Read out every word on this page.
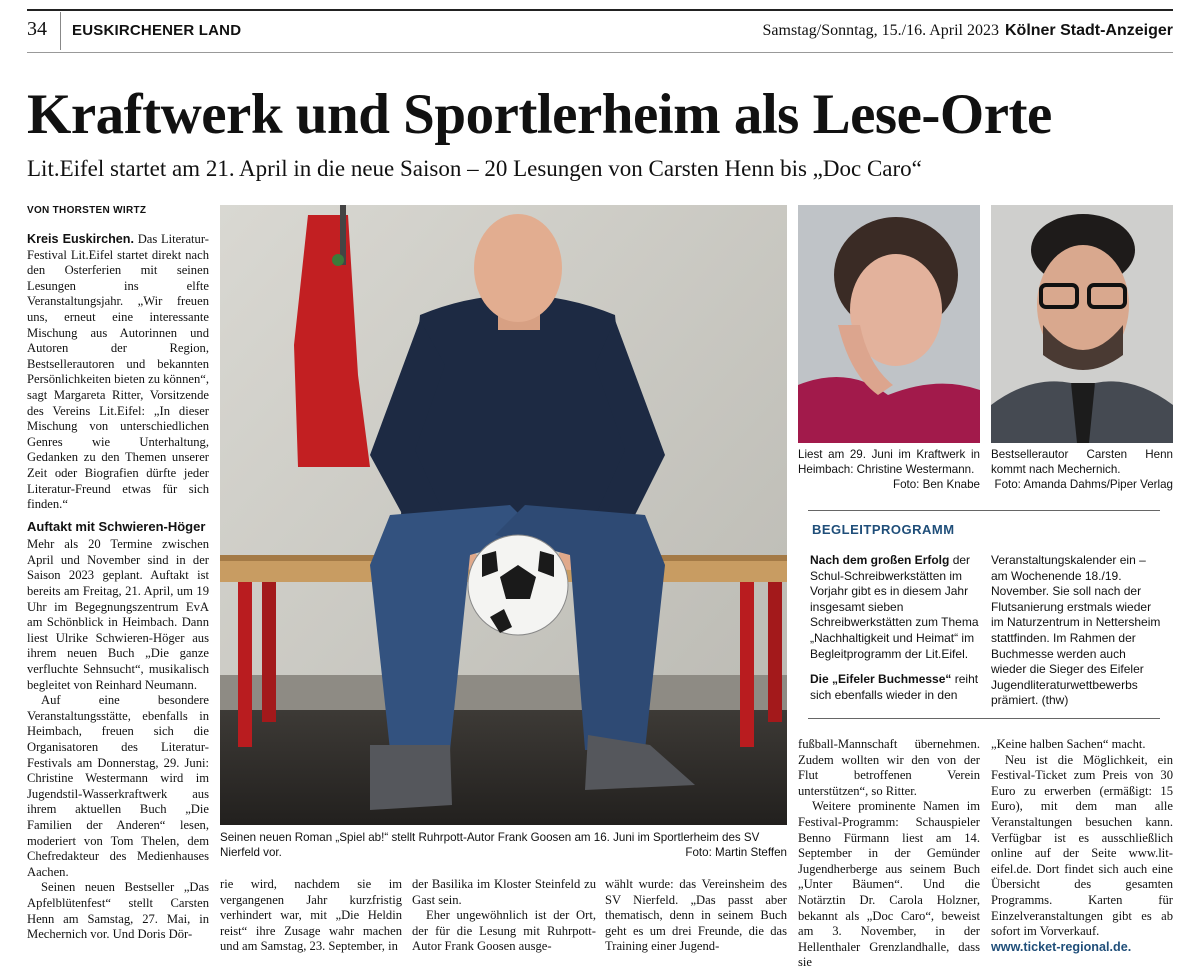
34 EUSKIRCHENER LAND	Samstag/Sonntag, 15./16. April 2023 Kölner Stadt-Anzeiger
Kraftwerk und Sportlerheim als Lese-Orte
Lit.Eifel startet am 21. April in die neue Saison – 20 Lesungen von Carsten Henn bis „Doc Caro“
VON THORSTEN WIRTZ

Kreis Euskirchen. Das Literatur-Festival Lit.Eifel startet direkt nach den Osterferien mit seinen Lesungen ins elfte Veranstaltungsjahr. „Wir freuen uns, erneut eine interessante Mischung aus Autorinnen und Autoren der Region, Bestsellerautoren und bekannten Persönlichkeiten bieten zu können“, sagt Margareta Ritter, Vorsitzende des Vereins Lit.Eifel: „In dieser Mischung von unterschiedlichen Genres wie Unterhaltung, Gedanken zu den Themen unserer Zeit oder Biografien dürfte jeder Literatur-Freund etwas für sich finden.“

Auftakt mit Schwieren-Höger

Mehr als 20 Termine zwischen April und November sind in der Saison 2023 geplant. Auftakt ist bereits am Freitag, 21. April, um 19 Uhr im Begegnungszentrum EvA am Schönblick in Heimbach. Dann liest Ulrike Schwieren-Höger aus ihrem neuen Buch „Die ganze verfluchte Sehnsucht“, musikalisch begleitet von Reinhard Neumann.

Auf eine besondere Veranstaltungsstätte, ebenfalls in Heimbach, freuen sich die Organisatoren des Literatur-Festivals am Donnerstag, 29. Juni: Christine Westermann wird im Jugendstil-Wasserkraftwerk aus ihrem aktuellen Buch „Die Familien der Anderen“ lesen, moderiert von Tom Thelen, dem Chefredakteur des Medienhauses Aachen.

Seinen neuen Bestseller „Das Apfelblütenfest“ stellt Carsten Henn am Samstag, 27. Mai, in Mechernich vor. Und Doris Dör-

Seinen neuen Roman „Spiel ab!“ stellt Ruhrpott-Autor Frank Goosen am 16. Juni im Sportlerheim des SV Nierfeld vor.	Foto: Martin Steffen
Liest am 29. Juni im Kraftwerk in Heimbach: Christine Westermann.
Foto: Ben Knabe
Bestsellerautor Carsten Henn kommt nach Mechernich.
Foto: Amanda Dahms/Piper Verlag
BEGLEITPROGRAMM
Nach dem großen Erfolg der Schul-Schreibwerkstätten im Vorjahr gibt es in diesem Jahr insgesamt sieben Schreibwerkstätten zum Thema „Nachhaltigkeit und Heimat“ im Begleitprogramm der Lit.Eifel.
Die „Eifeler Buchmesse“ reiht sich ebenfalls wieder in den
Veranstaltungskalender ein – am Wochenende 18./19. November. Sie soll nach der Flutsanierung erstmals wieder im Naturzentrum in Nettersheim stattfinden. Im Rahmen der Buchmesse werden auch wieder die Sieger des Eifeler Jugendliteraturwettbewerbs prämiert. (thw)

rie wird, nachdem sie im vergangenen Jahr kurzfristig verhindert war, mit „Die Heldin reist“ ihre Zusage wahr machen und am Samstag, 23. September, in

der Basilika im Kloster Steinfeld zu Gast sein.

Eher ungewöhnlich ist der Ort, der für die Lesung mit Ruhrpott-Autor Frank Goosen ausge-

wählt wurde: das Vereinsheim des SV Nierfeld. „Das passt aber thematisch, denn in seinem Buch geht es um drei Freunde, die das Training einer Jugend-

fußball-Mannschaft übernehmen. Zudem wollten wir den von der Flut betroffenen Verein unterstützen“, so Ritter.

Weitere prominente Namen im Festival-Programm: Schauspieler Benno Fürmann liest am 14. September in der Gemünder Jugendherberge aus seinem Buch „Unter Bäumen“. Und die Notärztin Dr. Carola Holzner, bekannt als „Doc Caro“, beweist am 3. November, in der Hellenthaler Grenzlandhalle, dass sie

„Keine halben Sachen“ macht.

Neu ist die Möglichkeit, ein Festival-Ticket zum Preis von 30 Euro zu erwerben (ermäßigt: 15 Euro), mit dem man alle Veranstaltungen besuchen kann. Verfügbar ist es ausschließlich online auf der Seite www.lit-eifel.de. Dort findet sich auch eine Übersicht des gesamten Programms. Karten für Einzelveranstaltungen gibt es ab sofort im Vorverkauf.

www.ticket-regional.de.
